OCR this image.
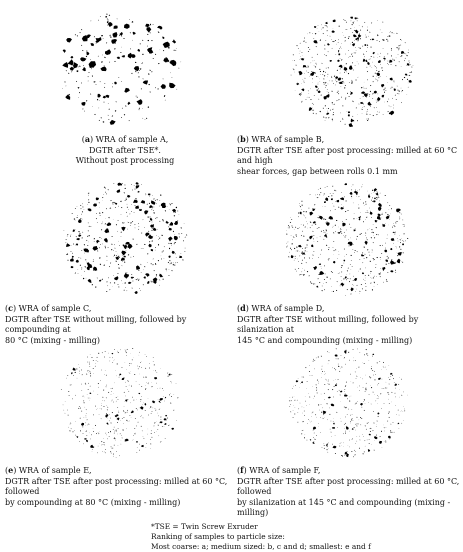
(a) WRA of sample A,
DGTR after TSE*.
Without post processing

(b) WRA of sample B,
DGTR after TSE after post processing: milled at 60 °C and high
shear forces, gap between rolls 0.1 mm

(c) WRA of sample C,
DGTR after TSE without milling, followed by compounding at
80 °C (mixing - milling)

(d) WRA of sample D,
DGTR after TSE without milling, followed by silanization at
145 °C and compounding (mixing - milling)

(e) WRA of sample E,
DGTR after TSE after post processing: milled at 60 °C, followed
by compounding at 80 °C (mixing - milling)

(f) WRA of sample F,
DGTR after TSE after post processing: milled at 60 °C, followed
by silanization at 145 °C and compounding (mixing - milling)

*TSE = Twin Screw Exruder
Ranking of samples to particle size:
Most coarse: a; medium sized: b, c and d; smallest: e and f
